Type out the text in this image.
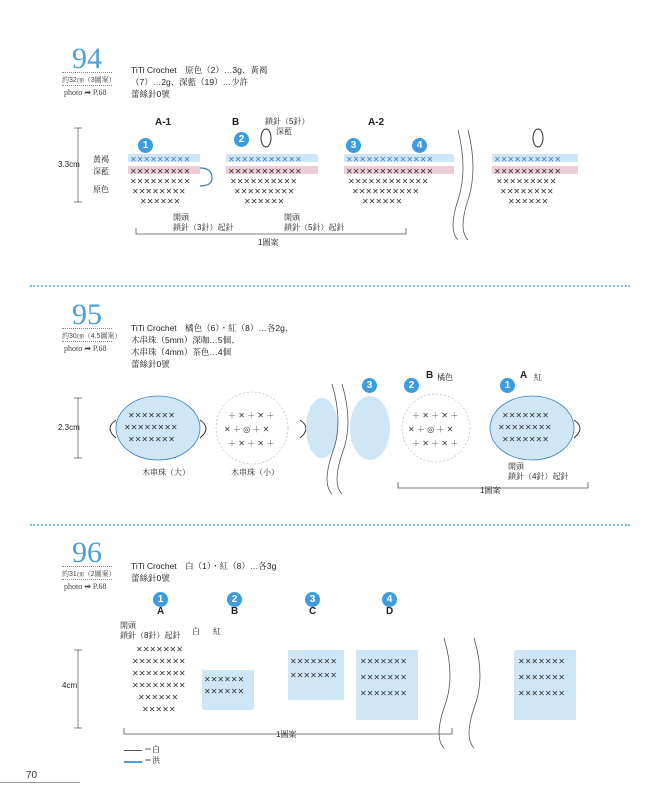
94
約32㎝（3圖案）
photo ➡ P.68
TiTi Crochet　原色（2）…3g、黃褐
（7）…2g、深藍（19）…少許
蕾絲針0號
✕✕✕✕✕✕✕✕✕
✕✕✕✕✕✕✕✕✕
✕✕✕✕✕✕✕✕✕
✕✕✕✕✕✕✕✕
✕✕✕✕✕✕
✕✕✕✕✕✕✕✕✕✕✕
✕✕✕✕✕✕✕✕✕✕✕
✕✕✕✕✕✕✕✕✕✕
✕✕✕✕✕✕✕✕✕
✕✕✕✕✕✕
✕✕✕✕✕✕✕✕✕✕✕✕✕
✕✕✕✕✕✕✕✕✕✕✕✕✕
✕✕✕✕✕✕✕✕✕✕✕✕
✕✕✕✕✕✕✕✕✕✕
✕✕✕✕✕✕
✕✕✕✕✕✕✕✕✕✕
✕✕✕✕✕✕✕✕✕✕
✕✕✕✕✕✕✕✕✕
✕✕✕✕✕✕✕✕
✕✕✕✕✕✕
3.3cm
黃褐
深藍
原色
A-1	B	A-2
1
2
3	4
鎖針（5針）
深藍
開頭
鎖針（3針）起針
開頭
鎖針（5針）起針
1圖案
95
約30㎝（4.5圖案）
photo ➡ P.68
TiTi Crochet　橘色（6）・紅（8）…各2g、
木串珠（5mm）深咖…5個、
木串珠（4mm）茶色…4個
蕾絲針0號
✕✕✕✕✕✕✕
✕✕✕✕✕✕✕✕
✕✕✕✕✕✕✕
＋ ✕ ＋ ✕ ＋
✕ ＋ ◎ ＋ ✕
＋ ✕ ＋ ✕ ＋
＋ ✕ ＋ ✕ ＋
✕ ＋ ◎ ＋ ✕
＋ ✕ ＋ ✕ ＋
✕✕✕✕✕✕✕
✕✕✕✕✕✕✕✕
✕✕✕✕✕✕✕
2.3cm
木串珠（大）	木串珠（小）
3	2	1
B 橘色	A 紅
開頭
鎖針（4針）起針
1圖案
96
約31㎝（2圖案）
photo ➡ P.68
TiTi Crochet　白（1）・紅（8）…各3g
蕾絲針0號
✕✕✕✕✕✕✕
✕✕✕✕✕✕✕✕
✕✕✕✕✕✕✕✕
✕✕✕✕✕✕✕✕
✕✕✕✕✕✕
✕✕✕✕✕
✕✕✕✕✕✕
✕✕✕✕✕✕
✕✕✕✕✕✕✕
✕✕✕✕✕✕✕
✕✕✕✕✕✕✕
✕✕✕✕✕✕✕
✕✕✕✕✕✕✕
✕✕✕✕✕✕✕
✕✕✕✕✕✕✕
✕✕✕✕✕✕✕
4cm
1	2	3	4
A	B	C	D
開頭
鎖針（8針）起針 白 紅
1圖案
＝白
＝洪
70
